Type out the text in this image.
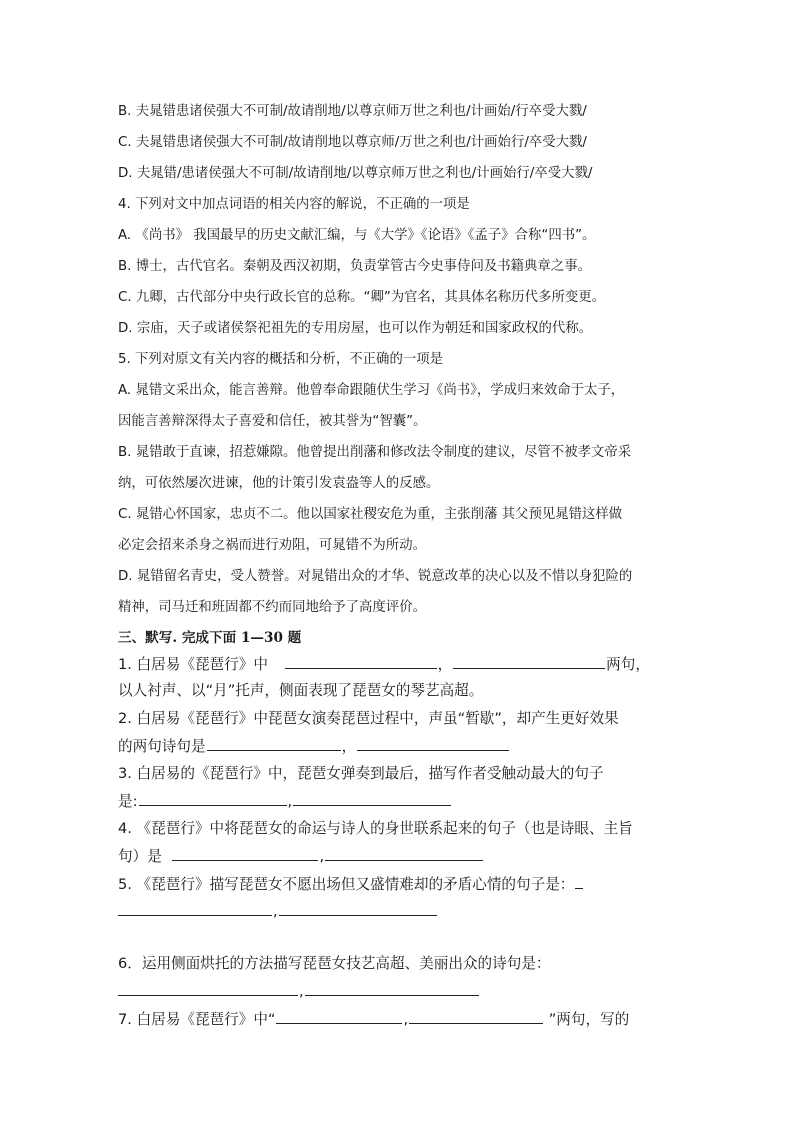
B. 夫晁错患诸侯强大不可制/故请削地/以尊京师万世之利也/计画始/行卒受大戮/
C. 夫晁错患诸侯强大不可制/故请削地以尊京师/万世之利也/计画始行/卒受大戮/
D. 夫晁错/患诸侯强大不可制/故请削地/以尊京师万世之利也/计画始行/卒受大戮/
4. 下列对文中加点词语的相关内容的解说，不正确的一项是
A. 《尚书》 我国最早的历史文献汇编，与《大学》《论语》《孟子》合称“四书”。
B. 博士，古代官名。秦朝及西汉初期，负责掌管古今史事侍问及书籍典章之事。
C. 九卿，古代部分中央行政长官的总称。“卿”为官名，其具体名称历代多所变更。
D. 宗庙，天子或诸侯祭祀祖先的专用房屋，也可以作为朝廷和国家政权的代称。
5. 下列对原文有关内容的概括和分析，不正确的一项是
A. 晁错文采出众，能言善辩。他曾奉命跟随伏生学习《尚书》，学成归来效命于太子，
因能言善辩深得太子喜爱和信任，被其誉为“智囊”。
B. 晁错敢于直谏，招惹嫌隙。他曾提出削藩和修改法令制度的建议，尽管不被孝文帝采
纳，可依然屡次进谏，他的计策引发袁盎等人的反感。
C. 晁错心怀国家，忠贞不二。他以国家社稷安危为重，主张削藩 其父预见晁错这样做
必定会招来杀身之祸而进行劝阻，可晁错不为所动。
D. 晁错留名青史，受人赞誉。对晁错出众的才华、锐意改革的决心以及不惜以身犯险的
精神，司马迁和班固都不约而同地给予了高度评价。
三、默写. 完成下面 1—30 题
1. 白居易《琵琶行》中	，	两句，
以人衬声、以“月”托声，侧面表现了琵琶女的琴艺高超。
2. 白居易《琵琶行》中琵琶女演奏琵琶过程中，声虽“暂歇”，却产生更好效果
的两句诗句是	，
3. 白居易的《琵琶行》中，琵琶女弹奏到最后，描写作者受触动最大的句子
是:	,
4. 《琵琶行》中将琵琶女的命运与诗人的身世联系起来的句子（也是诗眼、主旨
句）是	,
5. 《琵琶行》描写琵琶女不愿出场但又盛情难却的矛盾心情的句子是：
,
6．运用侧面烘托的方法描写琵琶女技艺高超、美丽出众的诗句是：
,
7. 白居易《琵琶行》中“	,	”两句，写的
